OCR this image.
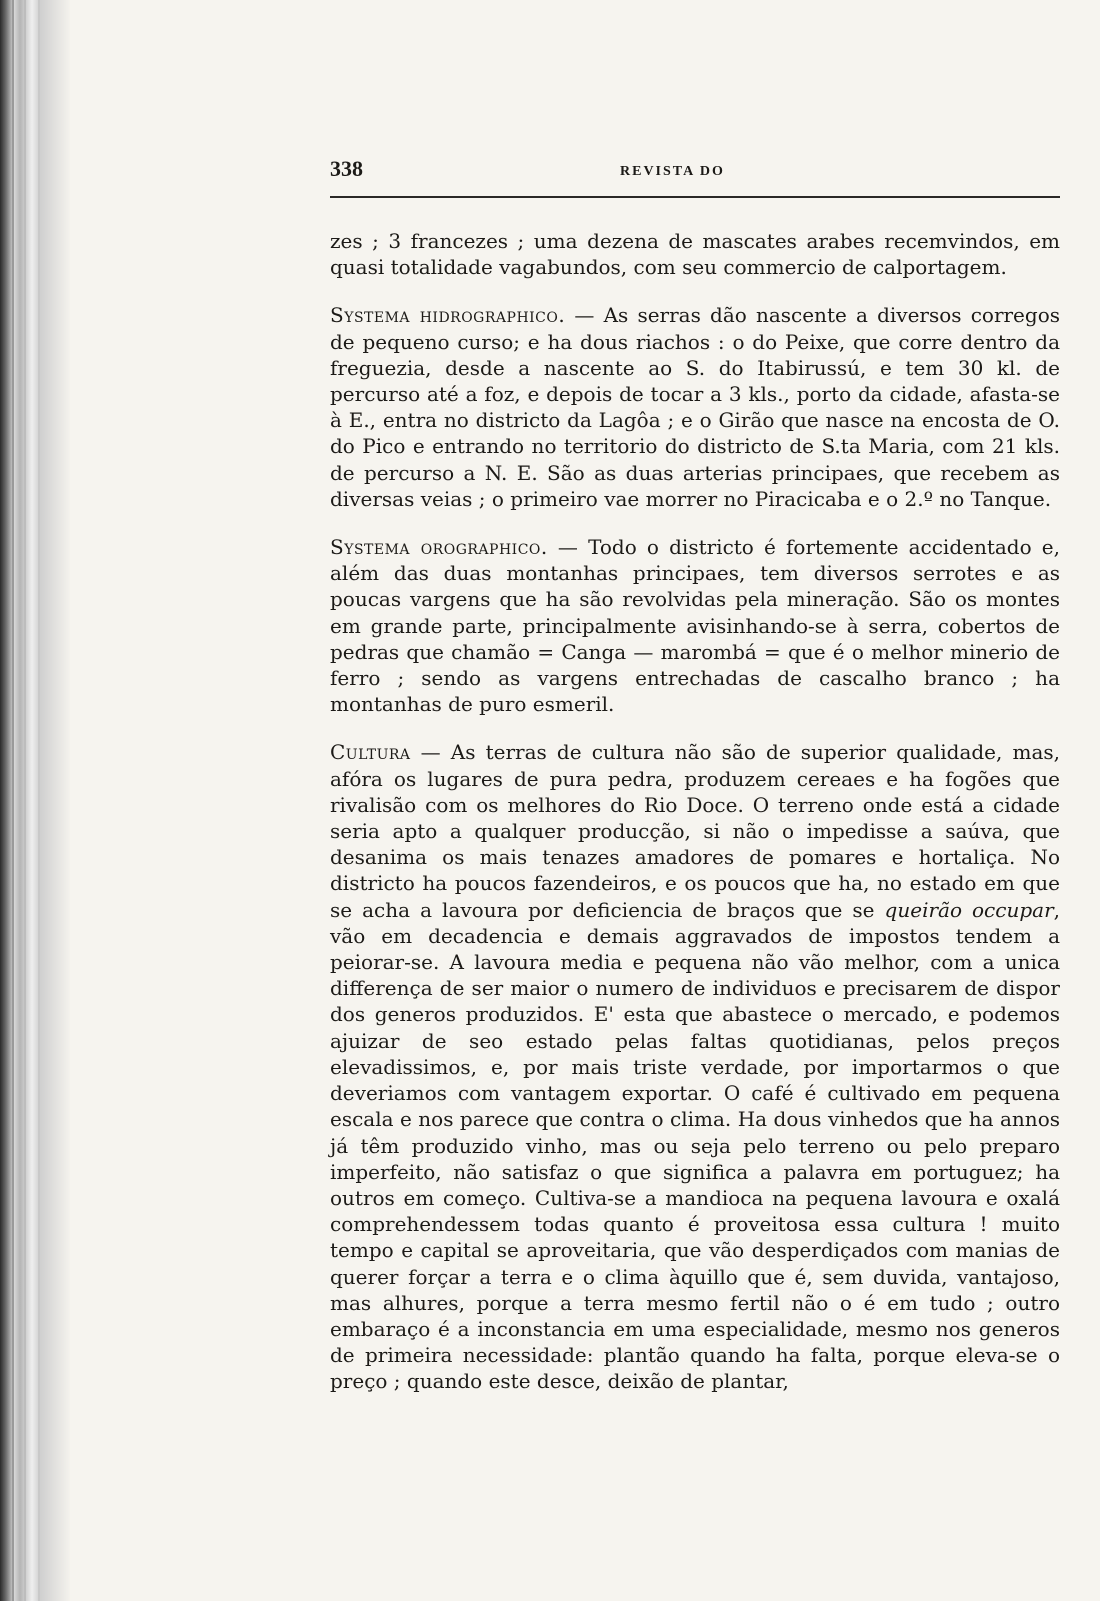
338	REVISTA DO

zes ; 3 francezes ; uma dezena de mascates arabes recemvindos, em quasi totalidade vagabundos, com seu commercio de calportagem.

Systema hidrographico. — As serras dão nascente a diversos corregos de pequeno curso; e ha dous riachos : o do Peixe, que corre dentro da freguezia, desde a nascente ao S. do Itabirussú, e tem 30 kl. de percurso até a foz, e depois de tocar a 3 kls., porto da cidade, afasta-se à E., entra no districto da Lagôa ; e o Girão que nasce na encosta de O. do Pico e entrando no territorio do districto de S.ta Maria, com 21 kls. de percurso a N. E. São as duas arterias principaes, que recebem as diversas veias ; o primeiro vae morrer no Piracicaba e o 2.º no Tanque.

Systema orographico. — Todo o districto é fortemente accidentado e, além das duas montanhas principaes, tem diversos serrotes e as poucas vargens que ha são revolvidas pela mineração. São os montes em grande parte, principalmente avisinhando-se à serra, cobertos de pedras que chamão = Canga — marombá = que é o melhor minerio de ferro ; sendo as vargens entrechadas de cascalho branco ; ha montanhas de puro esmeril.

Cultura — As terras de cultura não são de superior qualidade, mas, afóra os lugares de pura pedra, produzem cereaes e ha fogões que rivalisão com os melhores do Rio Doce. O terreno onde está a cidade seria apto a qualquer producção, si não o impedisse a saúva, que desanima os mais tenazes amadores de pomares e hortaliça. No districto ha poucos fazendeiros, e os poucos que ha, no estado em que se acha a lavoura por deficiencia de braços que se queirão occupar, vão em decadencia e demais aggravados de impostos tendem a peiorar-se. A lavoura media e pequena não vão melhor, com a unica differença de ser maior o numero de individuos e precisarem de dispor dos generos produzidos. E' esta que abastece o mercado, e podemos ajuizar de seo estado pelas faltas quotidianas, pelos preços elevadissimos, e, por mais triste verdade, por importarmos o que deveriamos com vantagem exportar. O café é cultivado em pequena escala e nos parece que contra o clima. Ha dous vinhedos que ha annos já têm produzido vinho, mas ou seja pelo terreno ou pelo preparo imperfeito, não satisfaz o que significa a palavra em portuguez; ha outros em começo. Cultiva-se a mandioca na pequena lavoura e oxalá comprehendessem todas quanto é proveitosa essa cultura ! muito tempo e capital se aproveitaria, que vão desperdiçados com manias de querer forçar a terra e o clima àquillo que é, sem duvida, vantajoso, mas alhures, porque a terra mesmo fertil não o é em tudo ; outro embaraço é a inconstancia em uma especialidade, mesmo nos generos de primeira necessidade: plantão quando ha falta, porque eleva-se o preço ; quando este desce, deixão de plantar,
